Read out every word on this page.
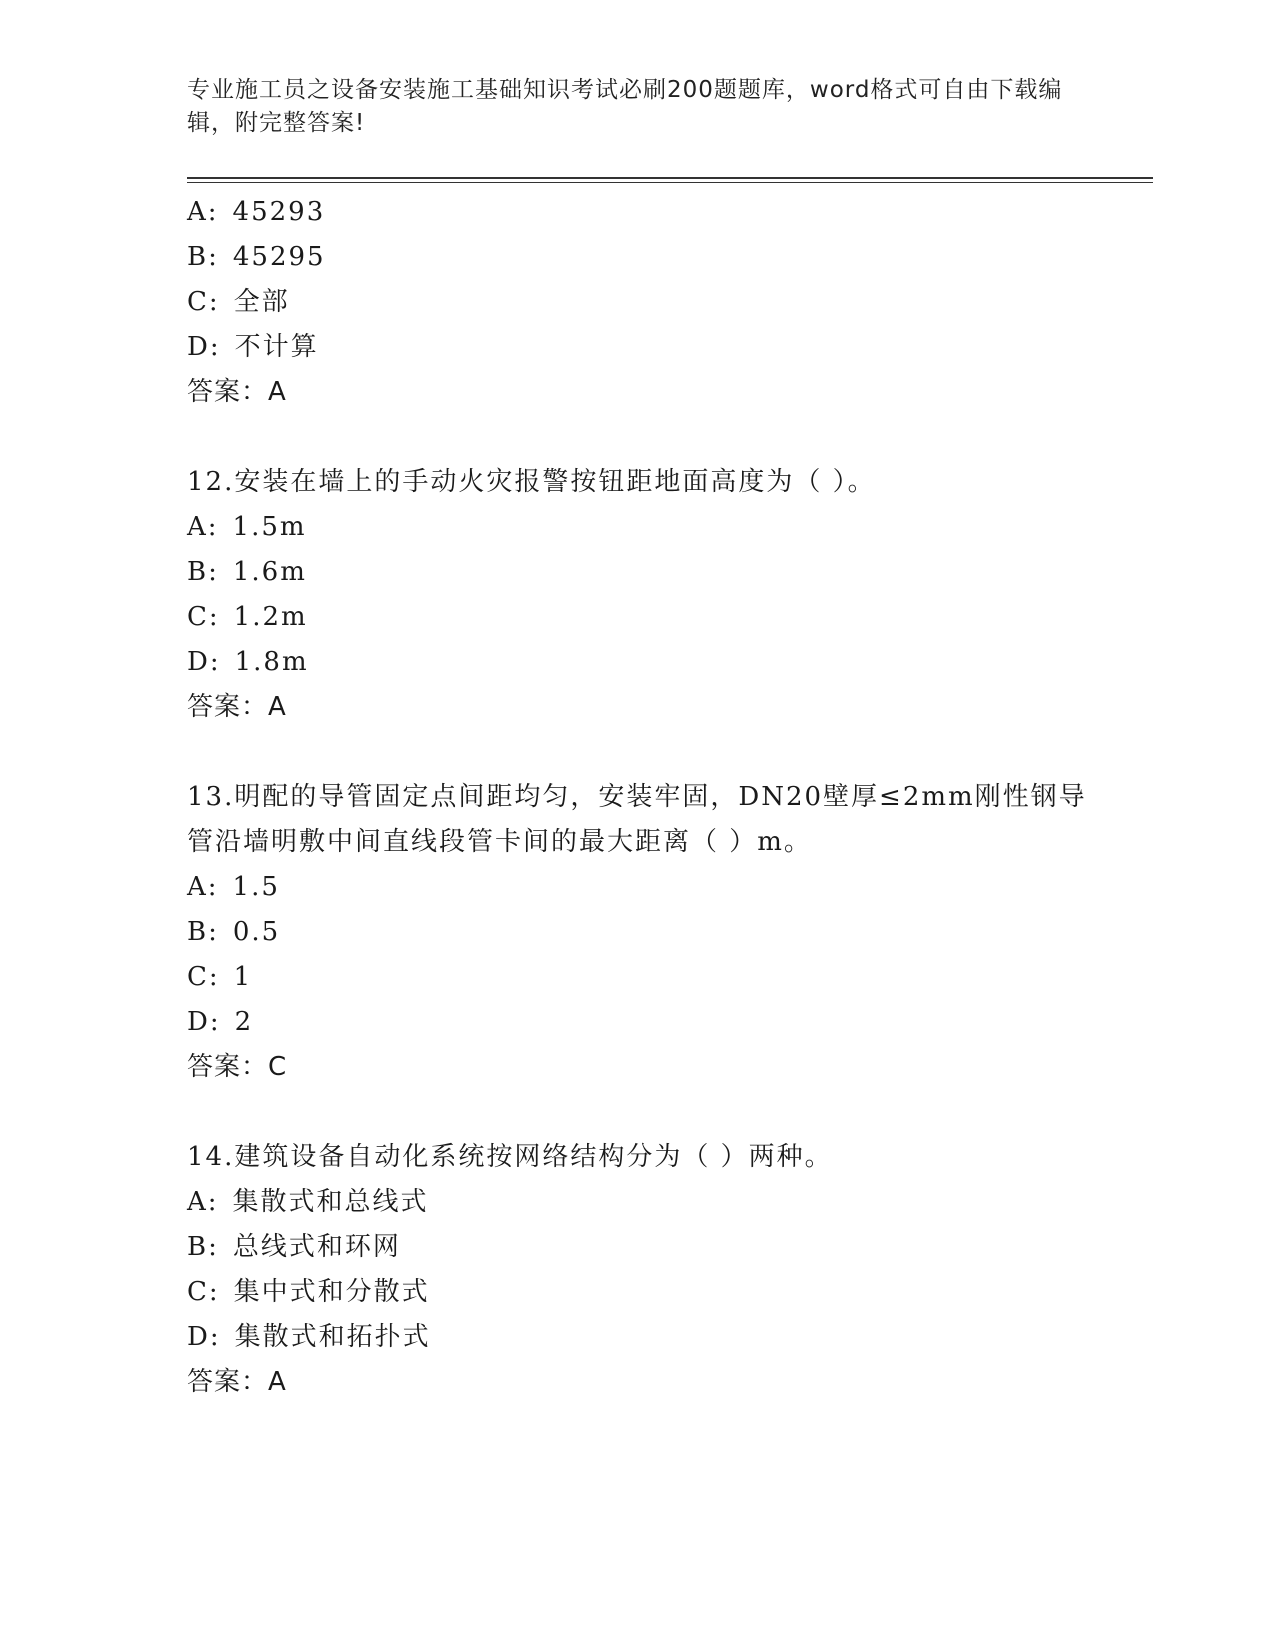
专业施工员之设备安装施工基础知识考试必刷200题题库，word格式可自由下载编辑，附完整答案!
A: 45293
B: 45295
C: 全部
D: 不计算
答案：A
12.安装在墙上的手动火灾报警按钮距地面高度为（ ）。
A: 1.5m
B: 1.6m
C: 1.2m
D: 1.8m
答案：A
13.明配的导管固定点间距均匀，安装牢固，DN20壁厚≤2mm刚性钢导管沿墙明敷中间直线段管卡间的最大距离（ ）m。
A: 1.5
B: 0.5
C: 1
D: 2
答案：C
14.建筑设备自动化系统按网络结构分为（ ）两种。
A: 集散式和总线式
B: 总线式和环网
C: 集中式和分散式
D: 集散式和拓扑式
答案：A
